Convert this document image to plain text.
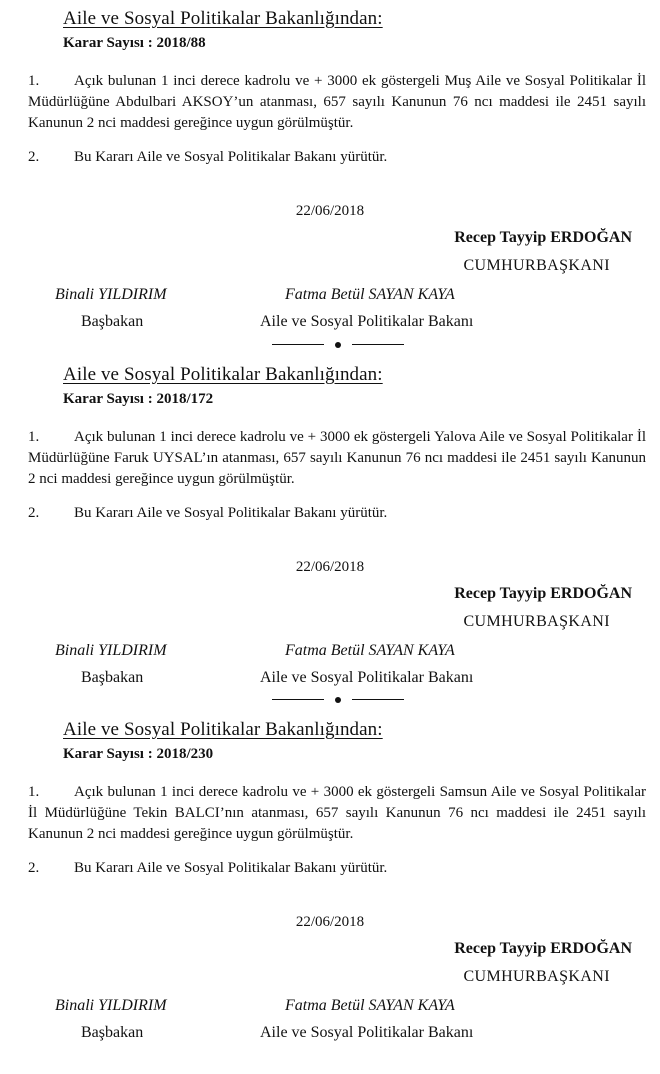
Aile ve Sosyal Politikalar Bakanlığından:
Karar Sayısı : 2018/88
1.	Açık bulunan 1 inci derece kadrolu ve + 3000 ek göstergeli Muş Aile ve Sosyal Politikalar İl Müdürlüğüne Abdulbari AKSOY’un atanması, 657 sayılı Kanunun 76 ncı maddesi ile 2451 sayılı Kanunun 2 nci maddesi gereğince uygun görülmüştür.
2. Bu Kararı Aile ve Sosyal Politikalar Bakanı yürütür.
22/06/2018
Recep Tayyip ERDOĞAN
CUMHURBAŞKANI
Binali YILDIRIM
Başbakan
Fatma Betül SAYAN KAYA
Aile ve Sosyal Politikalar Bakanı
Aile ve Sosyal Politikalar Bakanlığından:
Karar Sayısı : 2018/172
1.	Açık bulunan 1 inci derece kadrolu ve + 3000 ek göstergeli Yalova Aile ve Sosyal Politikalar İl Müdürlüğüne Faruk UYSAL’ın atanması, 657 sayılı Kanunun 76 ncı maddesi ile 2451 sayılı Kanunun 2 nci maddesi gereğince uygun görülmüştür.
2. Bu Kararı Aile ve Sosyal Politikalar Bakanı yürütür.
22/06/2018
Recep Tayyip ERDOĞAN
CUMHURBAŞKANI
Binali YILDIRIM
Başbakan
Fatma Betül SAYAN KAYA
Aile ve Sosyal Politikalar Bakanı
Aile ve Sosyal Politikalar Bakanlığından:
Karar Sayısı : 2018/230
1.	Açık bulunan 1 inci derece kadrolu ve + 3000 ek göstergeli Samsun Aile ve Sosyal Politikalar İl Müdürlüğüne Tekin BALCI’nın atanması, 657 sayılı Kanunun 76 ncı maddesi ile 2451 sayılı Kanunun 2 nci maddesi gereğince uygun görülmüştür.
2. Bu Kararı Aile ve Sosyal Politikalar Bakanı yürütür.
22/06/2018
Recep Tayyip ERDOĞAN
CUMHURBAŞKANI
Binali YILDIRIM
Başbakan
Fatma Betül SAYAN KAYA
Aile ve Sosyal Politikalar Bakanı
